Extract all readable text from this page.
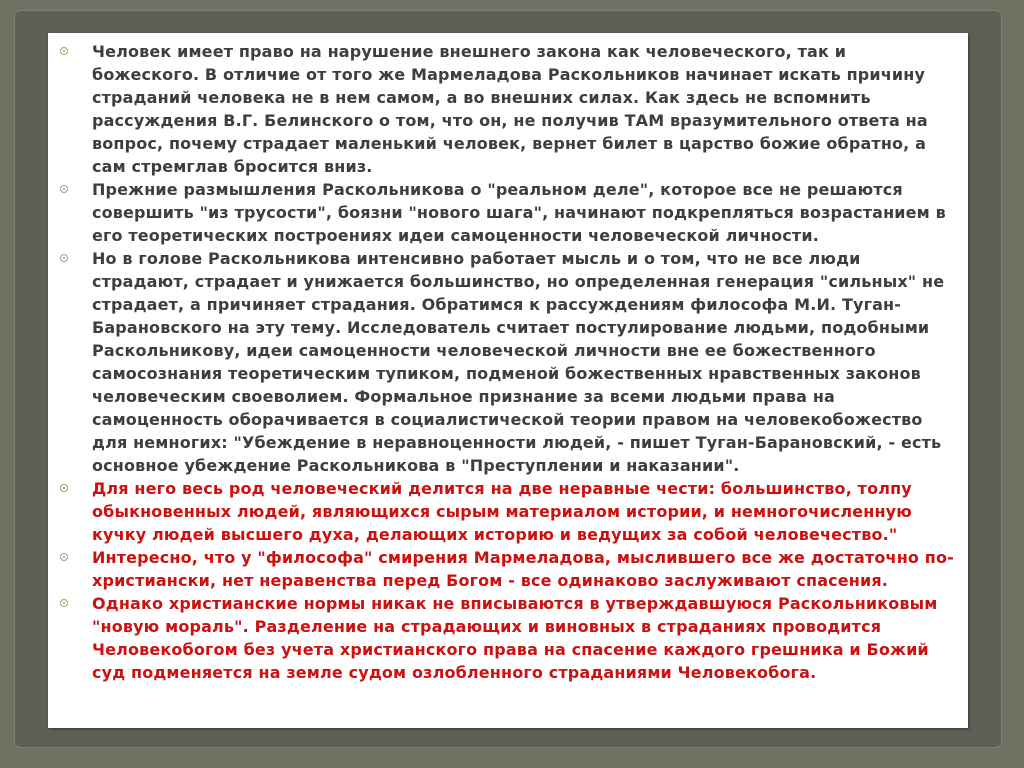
Человек имеет право на нарушение внешнего закона как человеческого, так и божеского. В отличие от того же Мармеладова Раскольников начинает искать причину страданий человека не в нем самом, а во внешних силах. Как здесь не вспомнить рассуждения В.Г. Белинского о том, что он, не получив ТАМ вразумительного ответа на вопрос, почему страдает маленький человек, вернет билет в царство божие обратно, а сам стремглав бросится вниз.
Прежние размышления Раскольникова о "реальном деле", которое все не решаются совершить "из трусости", боязни "нового шага", начинают подкрепляться возрастанием в его теоретических построениях идеи самоценности человеческой личности.
Но в голове Раскольникова интенсивно работает мысль и о том, что не все люди страдают, страдает и унижается большинство, но определенная генерация "сильных" не страдает, а причиняет страдания. Обратимся к рассуждениям философа М.И. Туган-Барановского на эту тему. Исследователь считает постулирование людьми, подобными Раскольникову, идеи самоценности человеческой личности вне ее божественного самосознания теоретическим тупиком, подменой божественных нравственных законов человеческим своеволием. Формальное признание за всеми людьми права на самоценность оборачивается в социалистической теории правом на человекобожество для немногих: "Убеждение в неравноценности людей, - пишет Туган-Барановский, - есть основное убеждение Раскольникова в "Преступлении и наказании".
Для него весь род человеческий делится на две неравные чести: большинство, толпу обыкновенных людей, являющихся сырым материалом истории, и немногочисленную кучку людей высшего духа, делающих историю и ведущих за собой человечество."
Интересно, что у "философа" смирения Мармеладова, мыслившего все же достаточно по-христиански, нет неравенства перед Богом - все одинаково заслуживают спасения.
Однако христианские нормы никак не вписываются в утверждавшуюся Раскольниковым "новую мораль". Разделение на страдающих и виновных в страданиях проводится Человекобогом без учета христианского права на спасение каждого грешника и Божий суд подменяется на земле судом озлобленного страданиями Человекобога.
